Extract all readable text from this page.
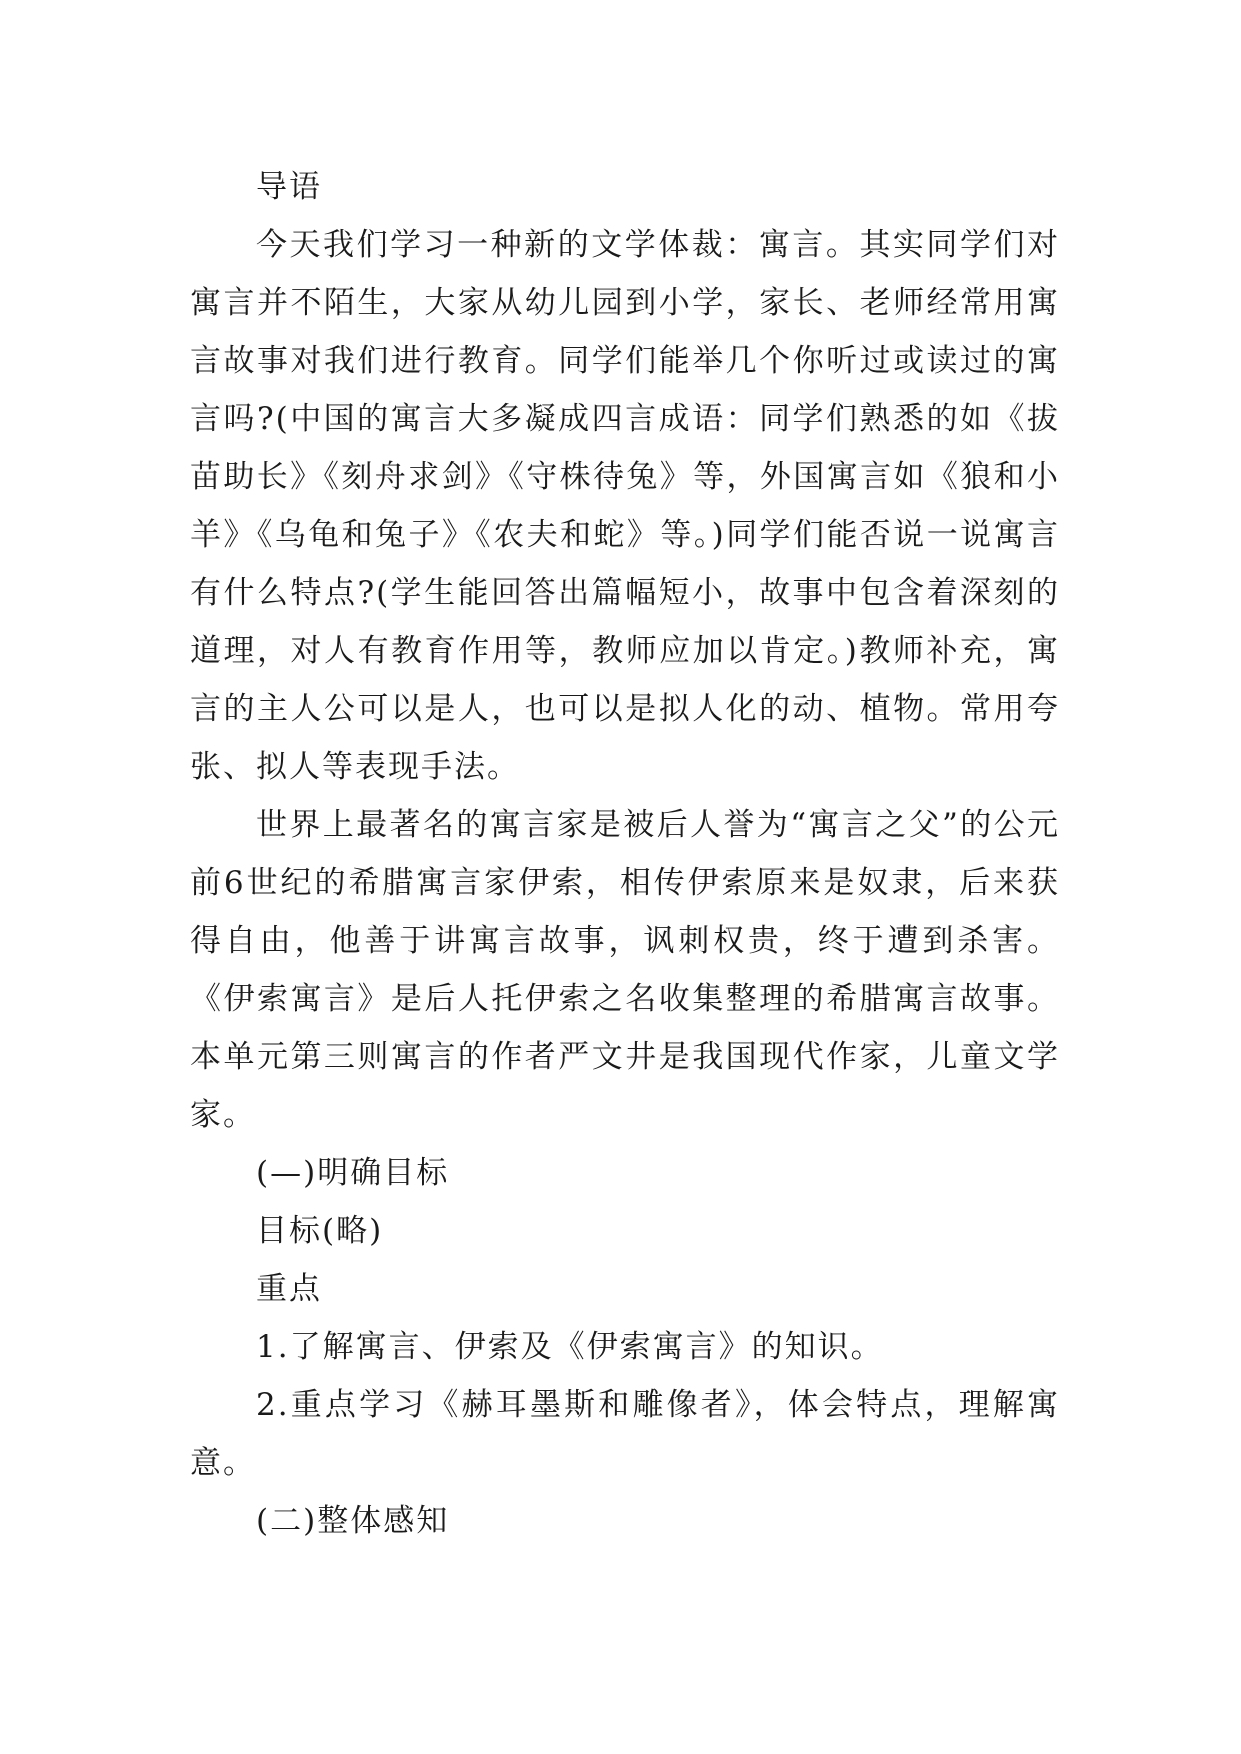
导语

今天我们学习一种新的文学体裁：寓言。其实同学们对寓言并不陌生，大家从幼儿园到小学，家长、老师经常用寓言故事对我们进行教育。同学们能举几个你听过或读过的寓言吗?(中国的寓言大多凝成四言成语：同学们熟悉的如《拔苗助长》《刻舟求剑》《守株待兔》等，外国寓言如《狼和小羊》《乌龟和兔子》《农夫和蛇》等。)同学们能否说一说寓言有什么特点?(学生能回答出篇幅短小，故事中包含着深刻的道理，对人有教育作用等，教师应加以肯定。)教师补充，寓言的主人公可以是人，也可以是拟人化的动、植物。常用夸张、拟人等表现手法。

世界上最著名的寓言家是被后人誉为“寓言之父”的公元前6世纪的希腊寓言家伊索，相传伊索原来是奴隶，后来获得自由，他善于讲寓言故事，讽刺权贵，终于遭到杀害。《伊索寓言》是后人托伊索之名收集整理的希腊寓言故事。本单元第三则寓言的作者严文井是我国现代作家，儿童文学家。

(—)明确目标

目标(略)

重点

1.了解寓言、伊索及《伊索寓言》的知识。

2.重点学习《赫耳墨斯和雕像者》，体会特点，理解寓意。

(二)整体感知
